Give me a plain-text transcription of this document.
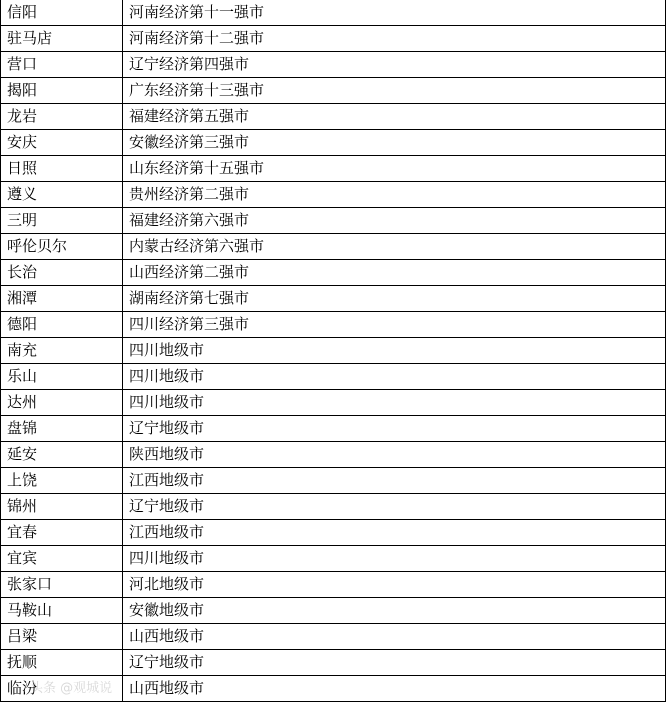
信阳	河南经济第十一强市
驻马店	河南经济第十二强市
营口	辽宁经济第四强市
揭阳	广东经济第十三强市
龙岩	福建经济第五强市
安庆	安徽经济第三强市
日照	山东经济第十五强市
遵义	贵州经济第二强市
三明	福建经济第六强市
呼伦贝尔	内蒙古经济第六强市
长治	山西经济第二强市
湘潭	湖南经济第七强市
德阳	四川经济第三强市
南充	四川地级市
乐山	四川地级市
达州	四川地级市
盘锦	辽宁地级市
延安	陕西地级市
上饶	江西地级市
锦州	辽宁地级市
宜春	江西地级市
宜宾	四川地级市
张家口	河北地级市
马鞍山	安徽地级市
吕梁	山西地级市
抚顺	辽宁地级市
临汾	山西地级市
头条 @观城说
